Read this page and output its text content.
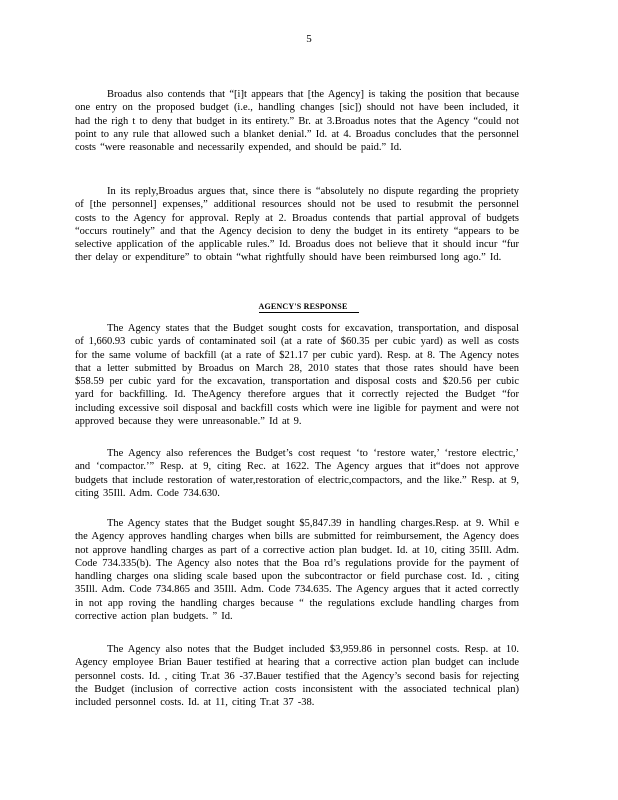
5

Broadus also contends that “[i]t appears that [the Agency] is taking the position that because one entry on the proposed budget (i.e., handling changes [sic]) should not have been included, it had the righ t to deny that budget in its entirety.” Br. at 3.Broadus notes that the Agency “could not point to any rule that allowed such a blanket denial.” Id. at 4. Broadus concludes that the personnel costs “were reasonable and necessarily expended, and should be paid.” Id.

In its reply,Broadus argues that, since there is “absolutely no dispute regarding the propriety of [the personnel] expenses,” additional resources should not be used to resubmit the personnel costs to the Agency for approval. Reply at 2. Broadus contends that partial approval of budgets “occurs routinely” and that the Agency decision to deny the budget in its entirety “appears to be selective application of the applicable rules.” Id. Broadus does not believe that it should incur “fur ther delay or expenditure” to obtain “what rightfully should have been reimbursed long ago.” Id.

AGENCY'S RESPONSE

The Agency states that the Budget sought costs for excavation, transportation, and disposal of 1,660.93 cubic yards of contaminated soil (at a rate of $60.35 per cubic yard) as well as costs for the same volume of backfill (at a rate of $21.17 per cubic yard). Resp. at 8. The Agency notes that a letter submitted by Broadus on March 28, 2010 states that those rates should have been $58.59 per cubic yard for the excavation, transportation and disposal costs and $20.56 per cubic yard for backfilling. Id. TheAgency therefore argues that it correctly rejected the Budget “for including excessive soil disposal and backfill costs which were ine ligible for payment and were not approved because they were unreasonable.” Id at 9.

The Agency also references the Budget’s cost request ‘to ‘restore water,’ ‘restore electric,’ and ‘compactor.’” Resp. at 9, citing Rec. at 1622. The Agency argues that it“does not approve budgets that include restoration of water,restoration of electric,compactors, and the like.” Resp. at 9, citing 35Ill. Adm. Code 734.630.

The Agency states that the Budget sought $5,847.39 in handling charges.Resp. at 9. Whil e the Agency approves handling charges when bills are submitted for reimbursement, the Agency does not approve handling charges as part of a corrective action plan budget. Id. at 10, citing 35Ill. Adm. Code 734.335(b). The Agency also notes that the Boa rd’s regulations provide for the payment of handling charges ona sliding scale based upon the subcontractor or field purchase cost. Id. , citing 35Ill. Adm. Code 734.865 and 35Ill. Adm. Code 734.635. The Agency argues that it acted correctly in not app roving the handling charges because “ the regulations exclude handling charges from corrective action plan budgets. ” Id.

The Agency also notes that the Budget included $3,959.86 in personnel costs. Resp. at 10. Agency employee Brian Bauer testified at hearing that a corrective action plan budget can include personnel costs. Id. , citing Tr.at 36 -37.Bauer testified that the Agency’s second basis for rejecting the Budget (inclusion of corrective action costs inconsistent with the associated technical plan) included personnel costs. Id. at 11, citing Tr.at 37 -38.
